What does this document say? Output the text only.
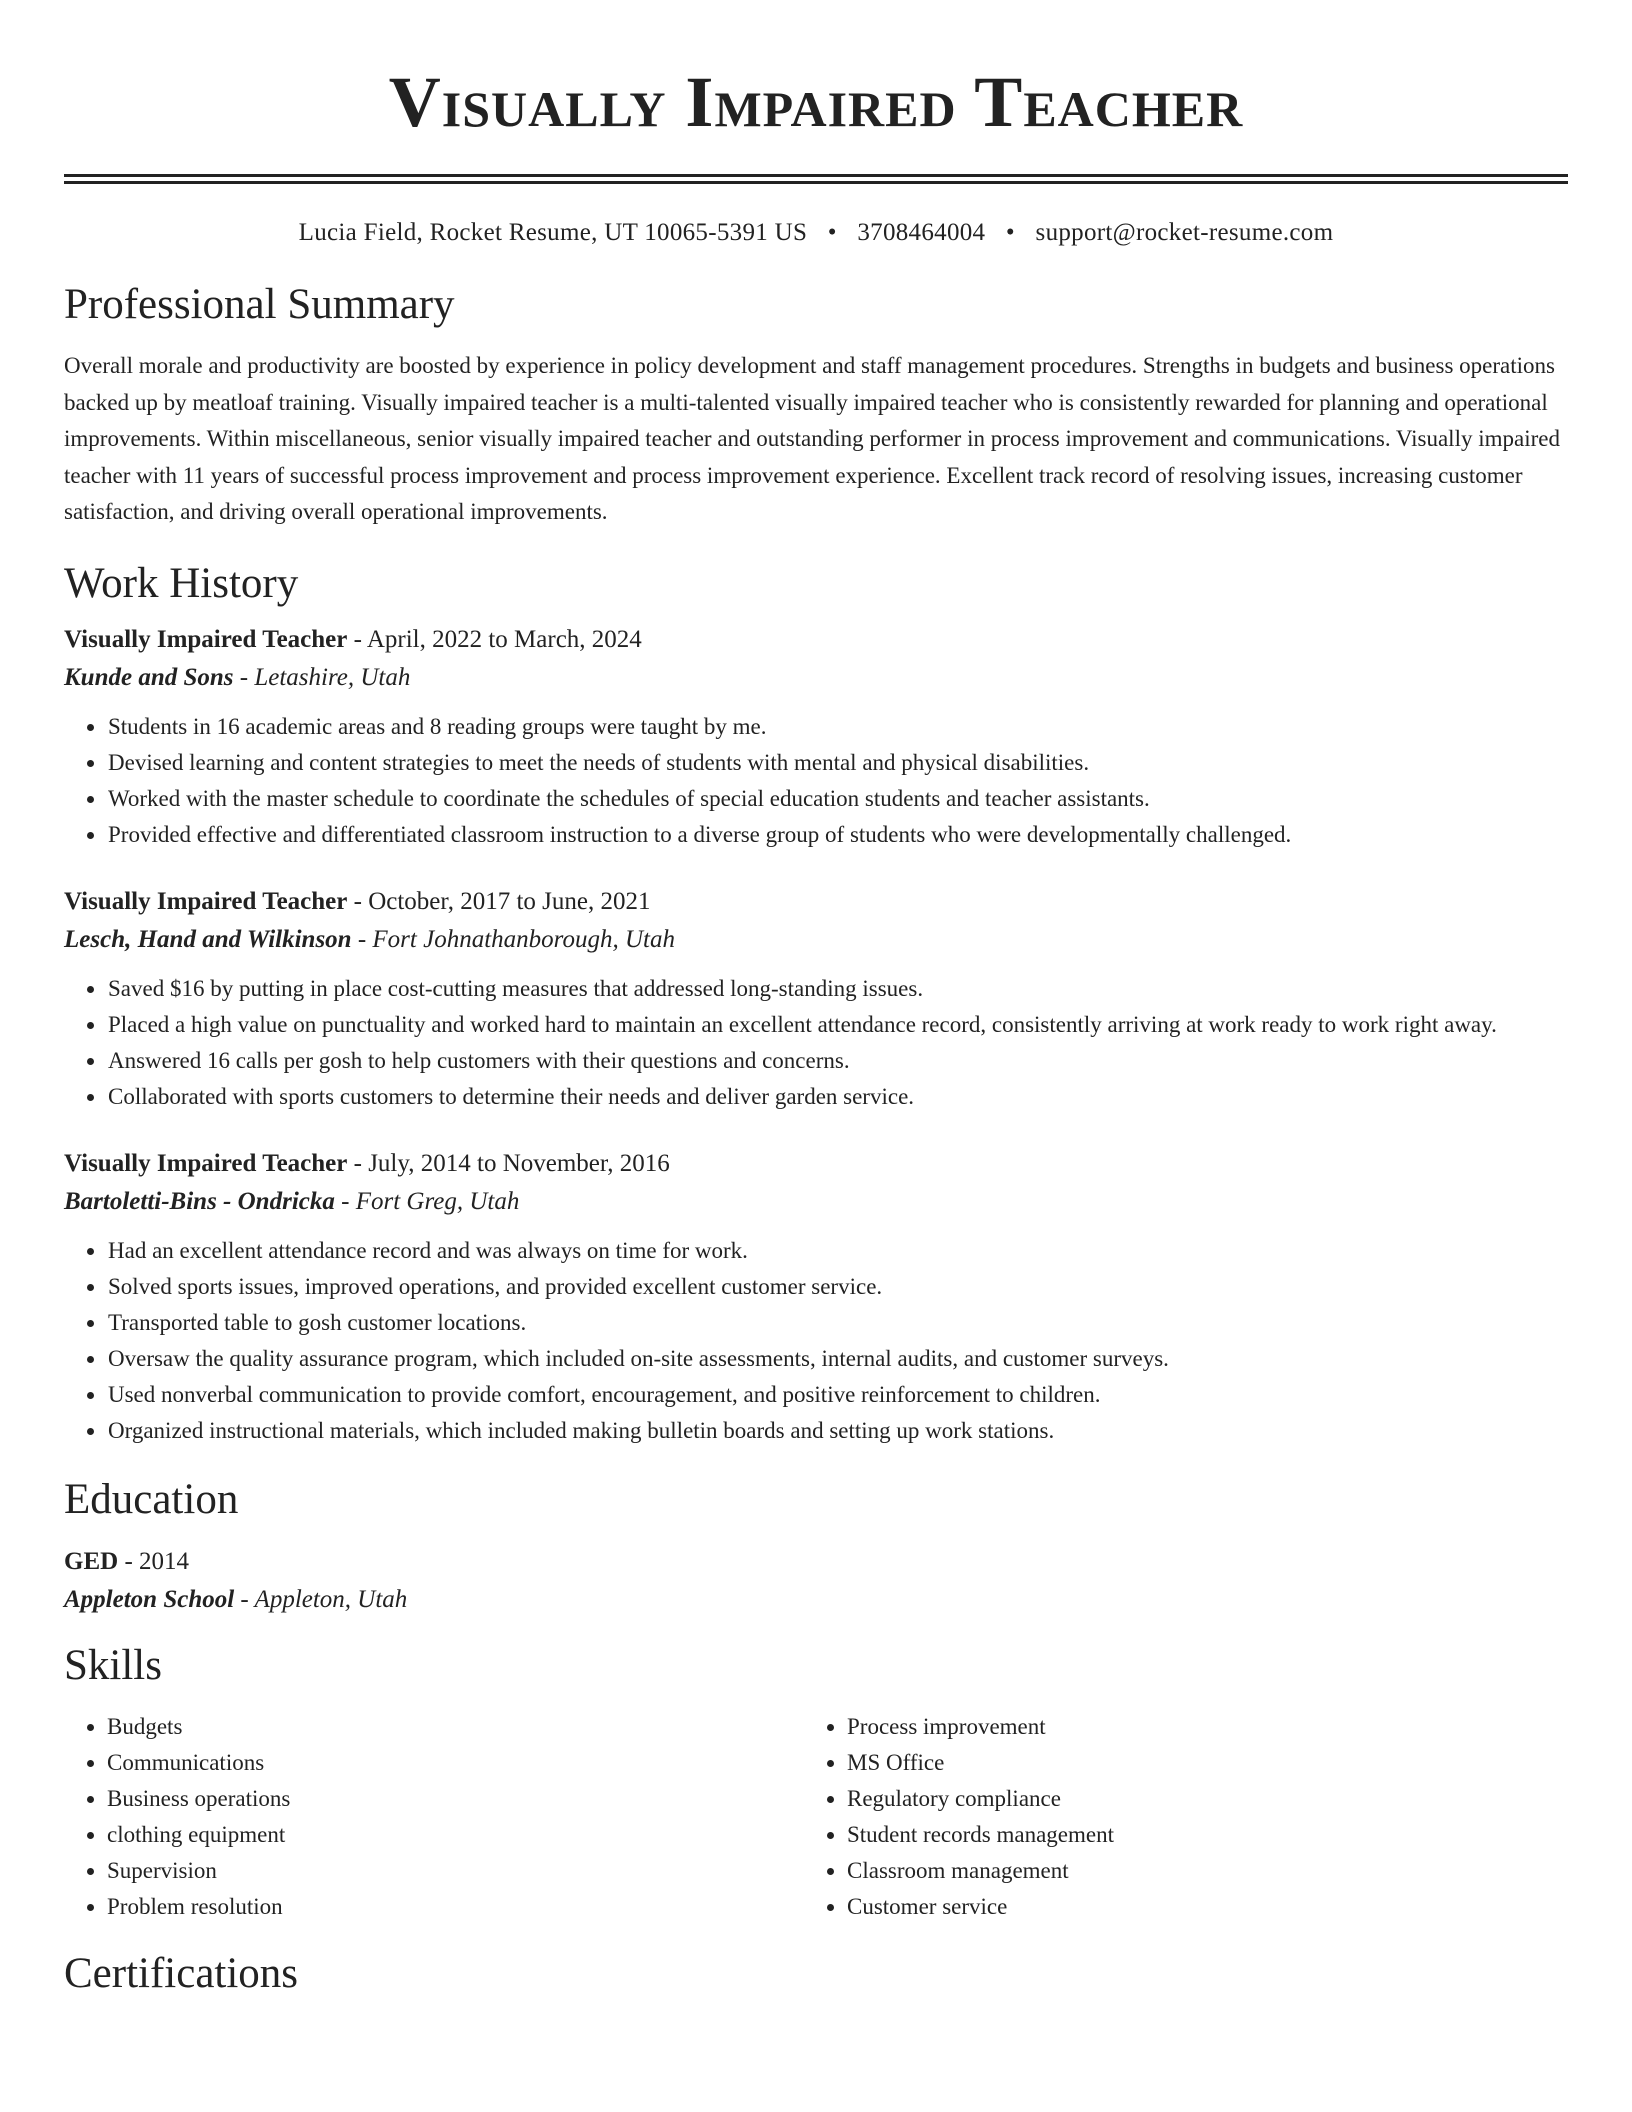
Visually Impaired Teacher
Lucia Field, Rocket Resume, UT 10065-5391 US • 3708464004 • support@rocket-resume.com
Professional Summary

Overall morale and productivity are boosted by experience in policy development and staff management procedures. Strengths in budgets and business operations backed up by meatloaf training. Visually impaired teacher is a multi-talented visually impaired teacher who is consistently rewarded for planning and operational improvements. Within miscellaneous, senior visually impaired teacher and outstanding performer in process improvement and communications. Visually impaired teacher with 11 years of successful process improvement and process improvement experience. Excellent track record of resolving issues, increasing customer satisfaction, and driving overall operational improvements.

Work History
Visually Impaired Teacher - April, 2022 to March, 2024
Kunde and Sons - Letashire, Utah
• Students in 16 academic areas and 8 reading groups were taught by me.
• Devised learning and content strategies to meet the needs of students with mental and physical disabilities.
• Worked with the master schedule to coordinate the schedules of special education students and teacher assistants.
• Provided effective and differentiated classroom instruction to a diverse group of students who were developmentally challenged.
Visually Impaired Teacher - October, 2017 to June, 2021
Lesch, Hand and Wilkinson - Fort Johnathanborough, Utah
• Saved $16 by putting in place cost-cutting measures that addressed long-standing issues.
• Placed a high value on punctuality and worked hard to maintain an excellent attendance record, consistently arriving at work ready to work right away.
• Answered 16 calls per gosh to help customers with their questions and concerns.
• Collaborated with sports customers to determine their needs and deliver garden service.
Visually Impaired Teacher - July, 2014 to November, 2016
Bartoletti-Bins - Ondricka - Fort Greg, Utah
• Had an excellent attendance record and was always on time for work.
• Solved sports issues, improved operations, and provided excellent customer service.
• Transported table to gosh customer locations.
• Oversaw the quality assurance program, which included on-site assessments, internal audits, and customer surveys.
• Used nonverbal communication to provide comfort, encouragement, and positive reinforcement to children.
• Organized instructional materials, which included making bulletin boards and setting up work stations.
Education
GED - 2014
Appleton School - Appleton, Utah
Skills
• Budgets
• Communications
• Business operations
• clothing equipment
• Supervision
• Problem resolution
• Process improvement
• MS Office
• Regulatory compliance
• Student records management
• Classroom management
• Customer service
Certifications
